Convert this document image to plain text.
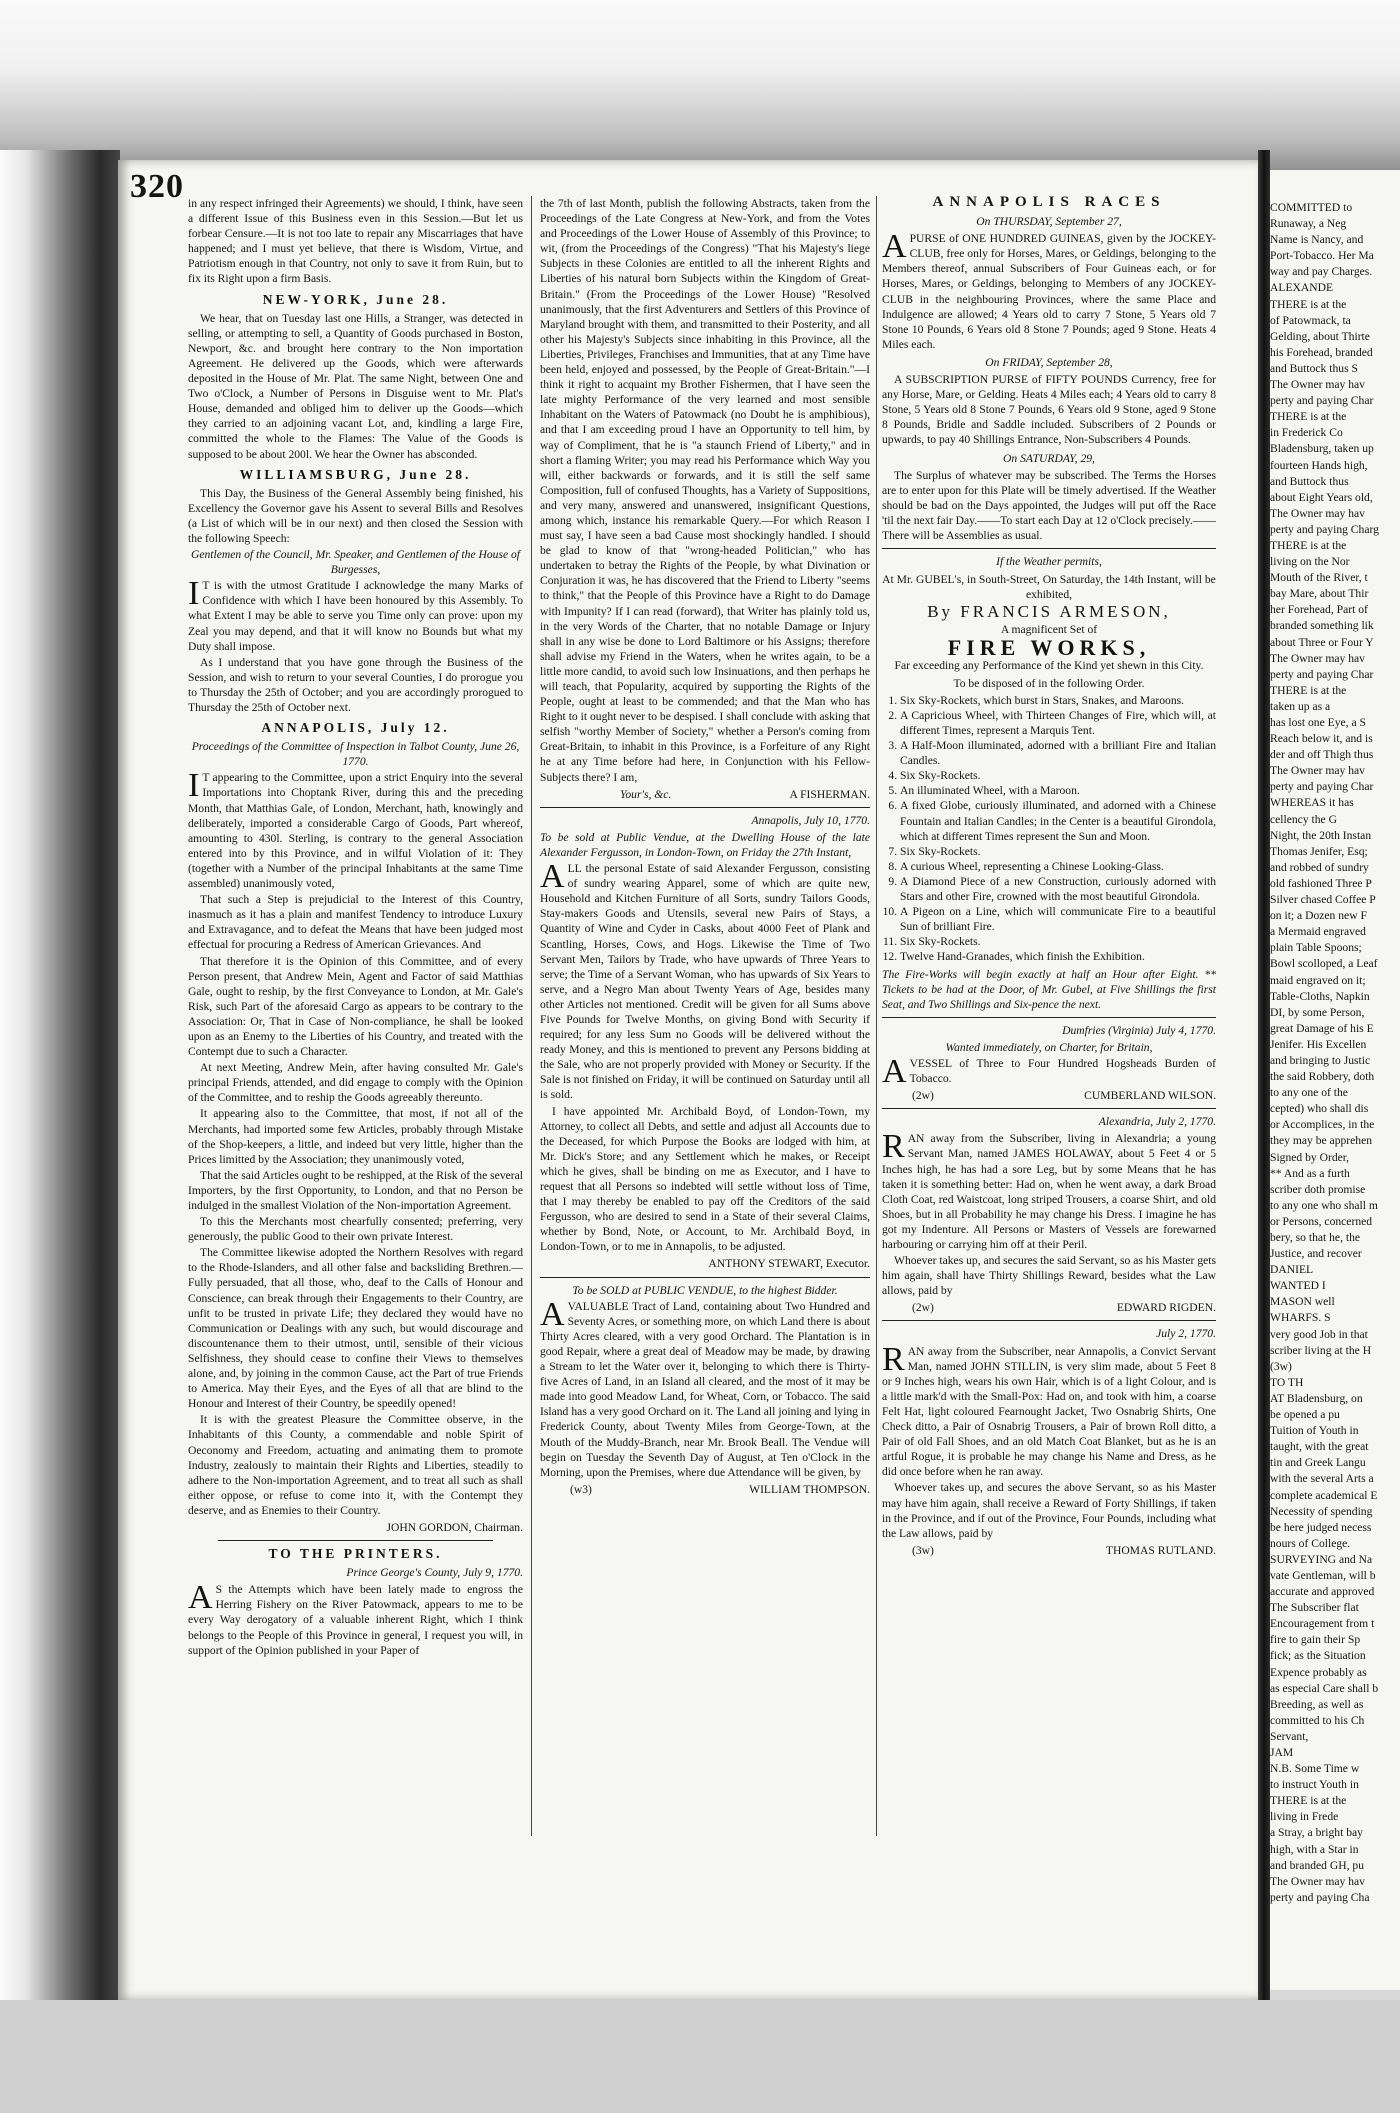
320 in any respect infringed their Agreements) we should, I think, have seen a different Issue of this Business even in this Session.—But let us forbear Censure.—It is not too late to repair any Miscarriages that have happened; and I must yet believe, that there is Wisdom, Virtue, and Patriotism enough in that Country, not only to save it from Ruin, but to fix its Right upon a firm Basis.

NEW-YORK, June 28.

We hear, that on Tuesday last one Hills, a Stranger, was detected in selling, or attempting to sell, a Quantity of Goods purchased in Boston, Newport, &c. and brought here contrary to the Non importation Agreement. He delivered up the Goods, which were afterwards deposited in the House of Mr. Plat. The same Night, between One and Two o'Clock, a Number of Persons in Disguise went to Mr. Plat's House, demanded and obliged him to deliver up the Goods—which they carried to an adjoining vacant Lot, and, kindling a large Fire, committed the whole to the Flames: The Value of the Goods is supposed to be about 200l. We hear the Owner has absconded.

WILLIAMSBURG, June 28.

This Day, the Business of the General Assembly being finished, his Excellency the Governor gave his Assent to several Bills and Resolves (a List of which will be in our next) and then closed the Session with the following Speech:

Gentlemen of the Council, Mr. Speaker, and Gentlemen of the House of Burgesses,

IT is with the utmost Gratitude I acknowledge the many Marks of Confidence with which I have been honoured by this Assembly. To what Extent I may be able to serve you Time only can prove: upon my Zeal you may depend, and that it will know no Bounds but what my Duty shall impose.

As I understand that you have gone through the Business of the Session, and wish to return to your several Counties, I do prorogue you to Thursday the 25th of October; and you are accordingly prorogued to Thursday the 25th of October next.

ANNAPOLIS, July 12.

Proceedings of the Committee of Inspection in Talbot County, June 26, 1770.

IT appearing to the Committee, upon a strict Enquiry into the several Importations into Choptank River, during this and the preceding Month, that Matthias Gale, of London, Merchant, hath, knowingly and deliberately, imported a considerable Cargo of Goods, Part whereof, amounting to 430l. Sterling, is contrary to the general Association entered into by this Province, and in wilful Violation of it: They (together with a Number of the principal Inhabitants at the same Time assembled) unanimously voted,

That such a Step is prejudicial to the Interest of this Country, inasmuch as it has a plain and manifest Tendency to introduce Luxury and Extravagance, and to defeat the Means that have been judged most effectual for procuring a Redress of American Grievances. And

That therefore it is the Opinion of this Committee, and of every Person present, that Andrew Mein, Agent and Factor of said Matthias Gale, ought to reship, by the first Conveyance to London, at Mr. Gale's Risk, such Part of the aforesaid Cargo as appears to be contrary to the Association: Or, That in Case of Non-compliance, he shall be looked upon as an Enemy to the Liberties of his Country, and treated with the Contempt due to such a Character.

At next Meeting, Andrew Mein, after having consulted Mr. Gale's principal Friends, attended, and did engage to comply with the Opinion of the Committee, and to reship the Goods agreeably thereunto.

It appearing also to the Committee, that most, if not all of the Merchants, had imported some few Articles, probably through Mistake of the Shop-keepers, a little, and indeed but very little, higher than the Prices limitted by the Association; they unanimously voted,

That the said Articles ought to be reshipped, at the Risk of the several Importers, by the first Opportunity, to London, and that no Person be indulged in the smallest Violation of the Non-importation Agreement.

To this the Merchants most chearfully consented; preferring, very generously, the public Good to their own private Interest.

The Committee likewise adopted the Northern Resolves with regard to the Rhode-Islanders, and all other false and backsliding Brethren.—Fully persuaded, that all those, who, deaf to the Calls of Honour and Conscience, can break through their Engagements to their Country, are unfit to be trusted in private Life; they declared they would have no Communication or Dealings with any such, but would discourage and discountenance them to their utmost, until, sensible of their vicious Selfishness, they should cease to confine their Views to themselves alone, and, by joining in the common Cause, act the Part of true Friends to America. May their Eyes, and the Eyes of all that are blind to the Honour and Interest of their Country, be speedily opened!

It is with the greatest Pleasure the Committee observe, in the Inhabitants of this County, a commendable and noble Spirit of Oeconomy and Freedom, actuating and animating them to promote Industry, zealously to maintain their Rights and Liberties, steadily to adhere to the Non-importation Agreement, and to treat all such as shall either oppose, or refuse to come into it, with the Contempt they deserve, and as Enemies to their Country.

JOHN GORDON, Chairman.
TO THE PRINTERS.
Prince George's County, July 9, 1770.

AS the Attempts which have been lately made to engross the Herring Fishery on the River Patowmack, appears to me to be every Way derogatory of a valuable inherent Right, which I think belongs to the People of this Province in general, I request you will, in support of the Opinion published in your Paper of

the 7th of last Month, publish the following Abstracts, taken from the Proceedings of the Late Congress at New-York, and from the Votes and Proceedings of the Lower House of Assembly of this Province; to wit, (from the Proceedings of the Congress) "That his Majesty's liege Subjects in these Colonies are entitled to all the inherent Rights and Liberties of his natural born Subjects within the Kingdom of Great-Britain." (From the Proceedings of the Lower House) "Resolved unanimously, that the first Adventurers and Settlers of this Province of Maryland brought with them, and transmitted to their Posterity, and all other his Majesty's Subjects since inhabiting in this Province, all the Liberties, Privileges, Franchises and Immunities, that at any Time have been held, enjoyed and possessed, by the People of Great-Britain."—I think it right to acquaint my Brother Fishermen, that I have seen the late mighty Performance of the very learned and most sensible Inhabitant on the Waters of Patowmack (no Doubt he is amphibious), and that I am exceeding proud I have an Opportunity to tell him, by way of Compliment, that he is "a staunch Friend of Liberty," and in short a flaming Writer; you may read his Performance which Way you will, either backwards or forwards, and it is still the self same Composition, full of confused Thoughts, has a Variety of Suppositions, and very many, answered and unanswered, insignificant Questions, among which, instance his remarkable Query.—For which Reason I must say, I have seen a bad Cause most shockingly handled. I should be glad to know of that "wrong-headed Politician," who has undertaken to betray the Rights of the People, by what Divination or Conjuration it was, he has discovered that the Friend to Liberty "seems to think," that the People of this Province have a Right to do Damage with Impunity? If I can read (forward), that Writer has plainly told us, in the very Words of the Charter, that no notable Damage or Injury shall in any wise be done to Lord Baltimore or his Assigns; therefore shall advise my Friend in the Waters, when he writes again, to be a little more candid, to avoid such low Insinuations, and then perhaps he will teach, that Popularity, acquired by supporting the Rights of the People, ought at least to be commended; and that the Man who has Right to it ought never to be despised. I shall conclude with asking that selfish "worthy Member of Society," whether a Person's coming from Great-Britain, to inhabit in this Province, is a Forfeiture of any Right he at any Time before had here, in Conjunction with his Fellow-Subjects there? I am,

Your's, &c.	A FISHERMAN.
Annapolis, July 10, 1770.

To be sold at Public Vendue, at the Dwelling House of the late Alexander Fergusson, in London-Town, on Friday the 27th Instant,

ALL the personal Estate of said Alexander Fergusson, consisting of sundry wearing Apparel, some of which are quite new, Household and Kitchen Furniture of all Sorts, sundry Tailors Goods, Stay-makers Goods and Utensils, several new Pairs of Stays, a Quantity of Wine and Cyder in Casks, about 4000 Feet of Plank and Scantling, Horses, Cows, and Hogs. Likewise the Time of Two Servant Men, Tailors by Trade, who have upwards of Three Years to serve; the Time of a Servant Woman, who has upwards of Six Years to serve, and a Negro Man about Twenty Years of Age, besides many other Articles not mentioned. Credit will be given for all Sums above Five Pounds for Twelve Months, on giving Bond with Security if required; for any less Sum no Goods will be delivered without the ready Money, and this is mentioned to prevent any Persons bidding at the Sale, who are not properly provided with Money or Security. If the Sale is not finished on Friday, it will be continued on Saturday until all is sold.

I have appointed Mr. Archibald Boyd, of London-Town, my Attorney, to collect all Debts, and settle and adjust all Accounts due to the Deceased, for which Purpose the Books are lodged with him, at Mr. Dick's Store; and any Settlement which he makes, or Receipt which he gives, shall be binding on me as Executor, and I have to request that all Persons so indebted will settle without loss of Time, that I may thereby be enabled to pay off the Creditors of the said Fergusson, who are desired to send in a State of their several Claims, whether by Bond, Note, or Account, to Mr. Archibald Boyd, in London-Town, or to me in Annapolis, to be adjusted.

ANTHONY STEWART, Executor.

To be SOLD at PUBLIC VENDUE, to the highest Bidder.

AVALUABLE Tract of Land, containing about Two Hundred and Seventy Acres, or something more, on which Land there is about Thirty Acres cleared, with a very good Orchard. The Plantation is in good Repair, where a great deal of Meadow may be made, by drawing a Stream to let the Water over it, belonging to which there is Thirty-five Acres of Land, in an Island all cleared, and the most of it may be made into good Meadow Land, for Wheat, Corn, or Tobacco. The said Island has a very good Orchard on it. The Land all joining and lying in Frederick County, about Twenty Miles from George-Town, at the Mouth of the Muddy-Branch, near Mr. Brook Beall. The Vendue will begin on Tuesday the Seventh Day of August, at Ten o'Clock in the Morning, upon the Premises, where due Attendance will be given, by

(w3)	WILLIAM THOMPSON.
ANNAPOLIS RACES
On THURSDAY, September 27,

APURSE of ONE HUNDRED GUINEAS, given by the JOCKEY-CLUB, free only for Horses, Mares, or Geldings, belonging to the Members thereof, annual Subscribers of Four Guineas each, or for Horses, Mares, or Geldings, belonging to Members of any JOCKEY-CLUB in the neighbouring Provinces, where the same Place and Indulgence are allowed; 4 Years old to carry 7 Stone, 5 Years old 7 Stone 10 Pounds, 6 Years old 8 Stone 7 Pounds; aged 9 Stone. Heats 4 Miles each.

On FRIDAY, September 28,

A SUBSCRIPTION PURSE of FIFTY POUNDS Currency, free for any Horse, Mare, or Gelding. Heats 4 Miles each; 4 Years old to carry 8 Stone, 5 Years old 8 Stone 7 Pounds, 6 Years old 9 Stone, aged 9 Stone 8 Pounds, Bridle and Saddle included. Subscribers of 2 Pounds or upwards, to pay 40 Shillings Entrance, Non-Subscribers 4 Pounds.

On SATURDAY, 29,

The Surplus of whatever may be subscribed. The Terms the Horses are to enter upon for this Plate will be timely advertised. If the Weather should be bad on the Days appointed, the Judges will put off the Race 'til the next fair Day.——To start each Day at 12 o'Clock precisely.——There will be Assemblies as usual.

If the Weather permits,
At Mr. GUBEL's, in South-Street, On Saturday, the 14th Instant, will be exhibited,
By FRANCIS ARMESON,
A magnificent Set of
FIRE WORKS,
Far exceeding any Performance of the Kind yet shewn in this City.
To be disposed of in the following Order.
1. Six Sky-Rockets, which burst in Stars, Snakes, and Maroons.
2. A Capricious Wheel, with Thirteen Changes of Fire, which will, at different Times, represent a Marquis Tent.
3. A Half-Moon illuminated, adorned with a brilliant Fire and Italian Candles.
4. Six Sky-Rockets.
5. An illuminated Wheel, with a Maroon.
6. A fixed Globe, curiously illuminated, and adorned with a Chinese Fountain and Italian Candles; in the Center is a beautiful Girondola, which at different Times represent the Sun and Moon.
7. Six Sky-Rockets.
8. A curious Wheel, representing a Chinese Looking-Glass.
9. A Diamond Piece of a new Construction, curiously adorned with Stars and other Fire, crowned with the most beautiful Girondola.
10. A Pigeon on a Line, which will communicate Fire to a beautiful Sun of brilliant Fire.
11. Six Sky-Rockets.
12. Twelve Hand-Granades, which finish the Exhibition.

The Fire-Works will begin exactly at half an Hour after Eight. ** Tickets to be had at the Door, of Mr. Gubel, at Five Shillings the first Seat, and Two Shillings and Six-pence the next.

Dumfries (Virginia) July 4, 1770.

Wanted immediately, on Charter, for Britain,

AVESSEL of Three to Four Hundred Hogsheads Burden of Tobacco.

(2w)	CUMBERLAND WILSON.
Alexandria, July 2, 1770.

RAN away from the Subscriber, living in Alexandria; a young Servant Man, named JAMES HOLAWAY, about 5 Feet 4 or 5 Inches high, he has had a sore Leg, but by some Means that he has taken it is something better: Had on, when he went away, a dark Broad Cloth Coat, red Waistcoat, long striped Trousers, a coarse Shirt, and old Shoes, but in all Probability he may change his Dress. I imagine he has got my Indenture. All Persons or Masters of Vessels are forewarned harbouring or carrying him off at their Peril.

Whoever takes up, and secures the said Servant, so as his Master gets him again, shall have Thirty Shillings Reward, besides what the Law allows, paid by

(2w)	EDWARD RIGDEN.
July 2, 1770.

RAN away from the Subscriber, near Annapolis, a Convict Servant Man, named JOHN STILLIN, is very slim made, about 5 Feet 8 or 9 Inches high, wears his own Hair, which is of a light Colour, and is a little mark'd with the Small-Pox: Had on, and took with him, a coarse Felt Hat, light coloured Fearnought Jacket, Two Osnabrig Shirts, One Check ditto, a Pair of Osnabrig Trousers, a Pair of brown Roll ditto, a Pair of old Fall Shoes, and an old Match Coat Blanket, but as he is an artful Rogue, it is probable he may change his Name and Dress, as he did once before when he ran away.

Whoever takes up, and secures the above Servant, so as his Master may have him again, shall receive a Reward of Forty Shillings, if taken in the Province, and if out of the Province, Four Pounds, including what the Law allows, paid by

(3w)	THOMAS RUTLAND.

COMMITTED to

Runaway, a Neg

Name is Nancy, and

Port-Tobacco. Her Ma

way and pay Charges.

ALEXANDE

THERE is at the

of Patowmack, ta

Gelding, about Thirte

his Forehead, branded

and Buttock thus S

The Owner may hav

perty and paying Char

THERE is at the

in Frederick Co

Bladensburg, taken up

fourteen Hands high,

and Buttock thus

about Eight Years old,

The Owner may hav

perty and paying Charg

THERE is at the

living on the Nor

Mouth of the River, t

bay Mare, about Thir

her Forehead, Part of

branded something lik

about Three or Four Y

The Owner may hav

perty and paying Char

THERE is at the

taken up as a

has lost one Eye, a S

Reach below it, and is

der and off Thigh thus

The Owner may hav

perty and paying Char

WHEREAS it has

cellency the G

Night, the 20th Instan

Thomas Jenifer, Esq;

and robbed of sundry

old fashioned Three P

Silver chased Coffee P

on it; a Dozen new F

a Mermaid engraved

plain Table Spoons;

Bowl scolloped, a Leaf

maid engraved on it;

Table-Cloths, Napkin

DI, by some Person,

great Damage of his E

Jenifer. His Excellen

and bringing to Justic

the said Robbery, doth

to any one of the

cepted) who shall dis

or Accomplices, in the

they may be apprehen

Signed by Order,

** And as a furth

scriber doth promise

to any one who shall m

or Persons, concerned

bery, so that he, the

Justice, and recover

DANIEL

WANTED I

MASON well

WHARFS. S

very good Job in that

scriber living at the H

(3w)

TO TH

AT Bladensburg, on

be opened a pu

Tuition of Youth in

taught, with the great

tin and Greek Langu

with the several Arts a

complete academical E

Necessity of spending

be here judged necess

nours of College.

SURVEYING and Na

vate Gentleman, will b

accurate and approved

The Subscriber flat

Encouragement from t

fire to gain their Sp

fick; as the Situation

Expence probably as

as especial Care shall b

Breeding, as well as

committed to his Ch

Servant,

JAM

N.B. Some Time w

to instruct Youth in

THERE is at the

living in Frede

a Stray, a bright bay

high, with a Star in

and branded GH, pu

The Owner may hav

perty and paying Cha
